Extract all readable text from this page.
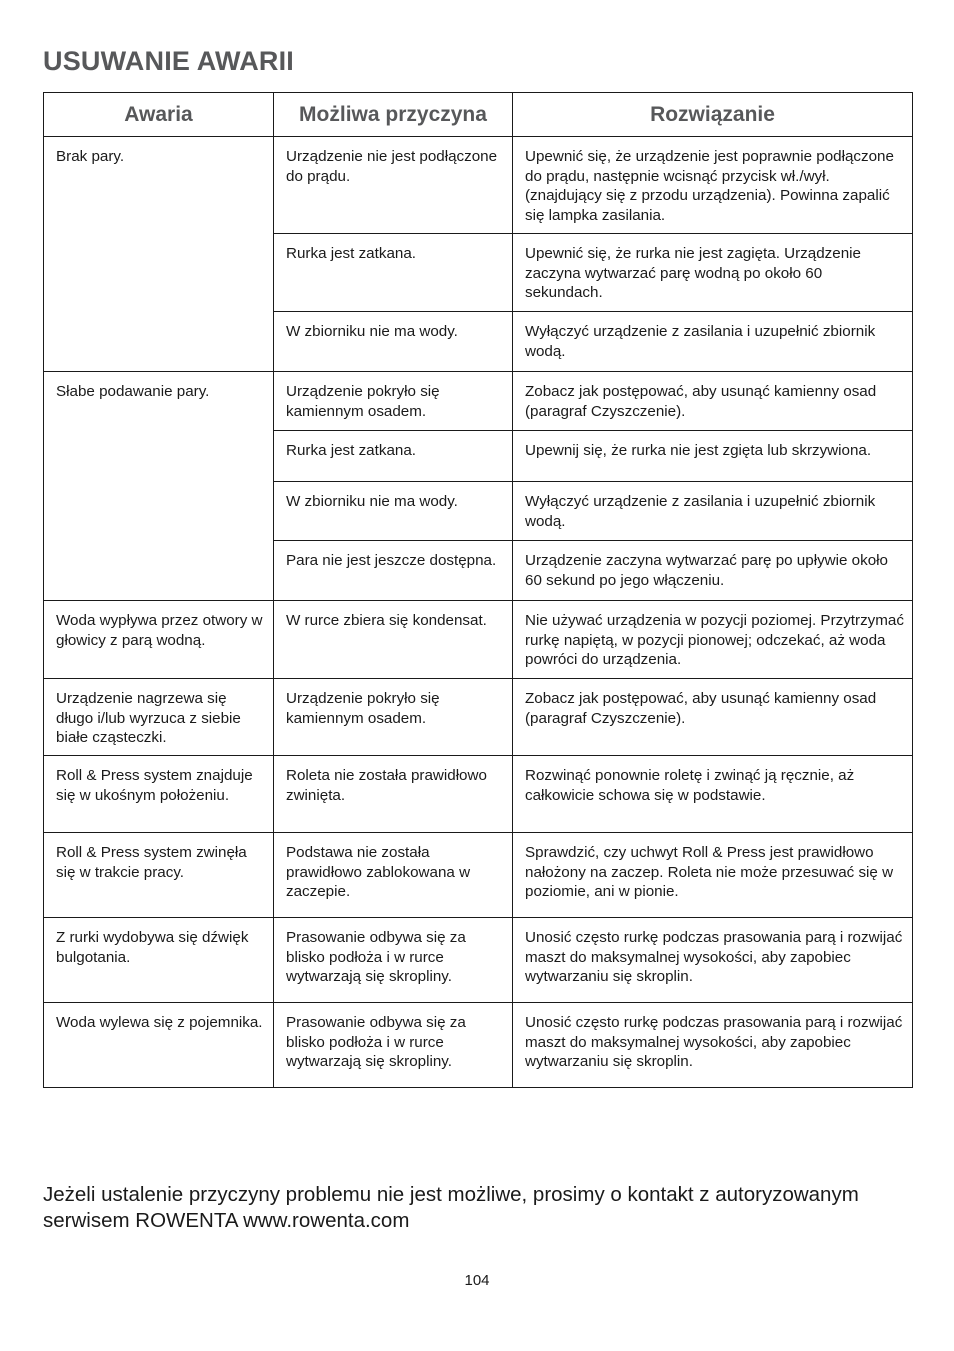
USUWANIE AWARII
Awaria	Możliwa przyczyna	Rozwiązanie
Brak pary.	Urządzenie nie jest podłączone do prądu.	Upewnić się, że urządzenie jest poprawnie podłączone do prądu, następnie wcisnąć przycisk wł./wył. (znajdujący się z przodu urządzenia). Powinna zapalić się lampka zasilania.
	Rurka jest zatkana.	Upewnić się, że rurka nie jest zagięta. Urządzenie zaczyna wytwarzać parę wodną po około 60 sekundach.
	W zbiorniku nie ma wody.	Wyłączyć urządzenie z zasilania i uzupełnić zbiornik wodą.
Słabe podawanie pary.	Urządzenie pokryło się kamiennym osadem.	Zobacz jak postępować, aby usunąć kamienny osad (paragraf Czyszczenie).
	Rurka jest zatkana.	Upewnij się, że rurka nie jest zgięta lub skrzywiona.
	W zbiorniku nie ma wody.	Wyłączyć urządzenie z zasilania i uzupełnić zbiornik wodą.
	Para nie jest jeszcze dostępna.	Urządzenie zaczyna wytwarzać parę po upływie około 60 sekund po jego włączeniu.
Woda wypływa przez otwory w głowicy z parą wodną.	W rurce zbiera się kondensat.	Nie używać urządzenia w pozycji poziomej. Przytrzymać rurkę napiętą, w pozycji pionowej; odczekać, aż woda powróci do urządzenia.
Urządzenie nagrzewa się długo i/lub wyrzuca z siebie białe cząsteczki.	Urządzenie pokryło się kamiennym osadem.	Zobacz jak postępować, aby usunąć kamienny osad (paragraf Czyszczenie).
Roll & Press system znajduje się w ukośnym położeniu.	Roleta nie została prawidłowo zwinięta.	Rozwinąć ponownie roletę i zwinąć ją ręcznie, aż całkowicie schowa się w podstawie.
Roll & Press system zwinęła się w trakcie pracy.	Podstawa nie została prawidłowo zablokowana w zaczepie.	Sprawdzić, czy uchwyt Roll & Press jest prawidłowo nałożony na zaczep. Roleta nie może przesuwać się w poziomie, ani w pionie.
Z rurki wydobywa się dźwięk bulgotania.	Prasowanie odbywa się za blisko podłoża i w rurce wytwarzają się skropliny.	Unosić często rurkę podczas prasowania parą i rozwijać maszt do maksymalnej wysokości, aby zapobiec wytwarzaniu się skroplin.
Woda wylewa się z pojemnika.	Prasowanie odbywa się za blisko podłoża i w rurce wytwarzają się skropliny.	Unosić często rurkę podczas prasowania parą i rozwijać maszt do maksymalnej wysokości, aby zapobiec wytwarzaniu się skroplin.

Jeżeli ustalenie przyczyny problemu nie jest możliwe, prosimy o kontakt z autoryzowanym serwisem ROWENTA www.rowenta.com

104
